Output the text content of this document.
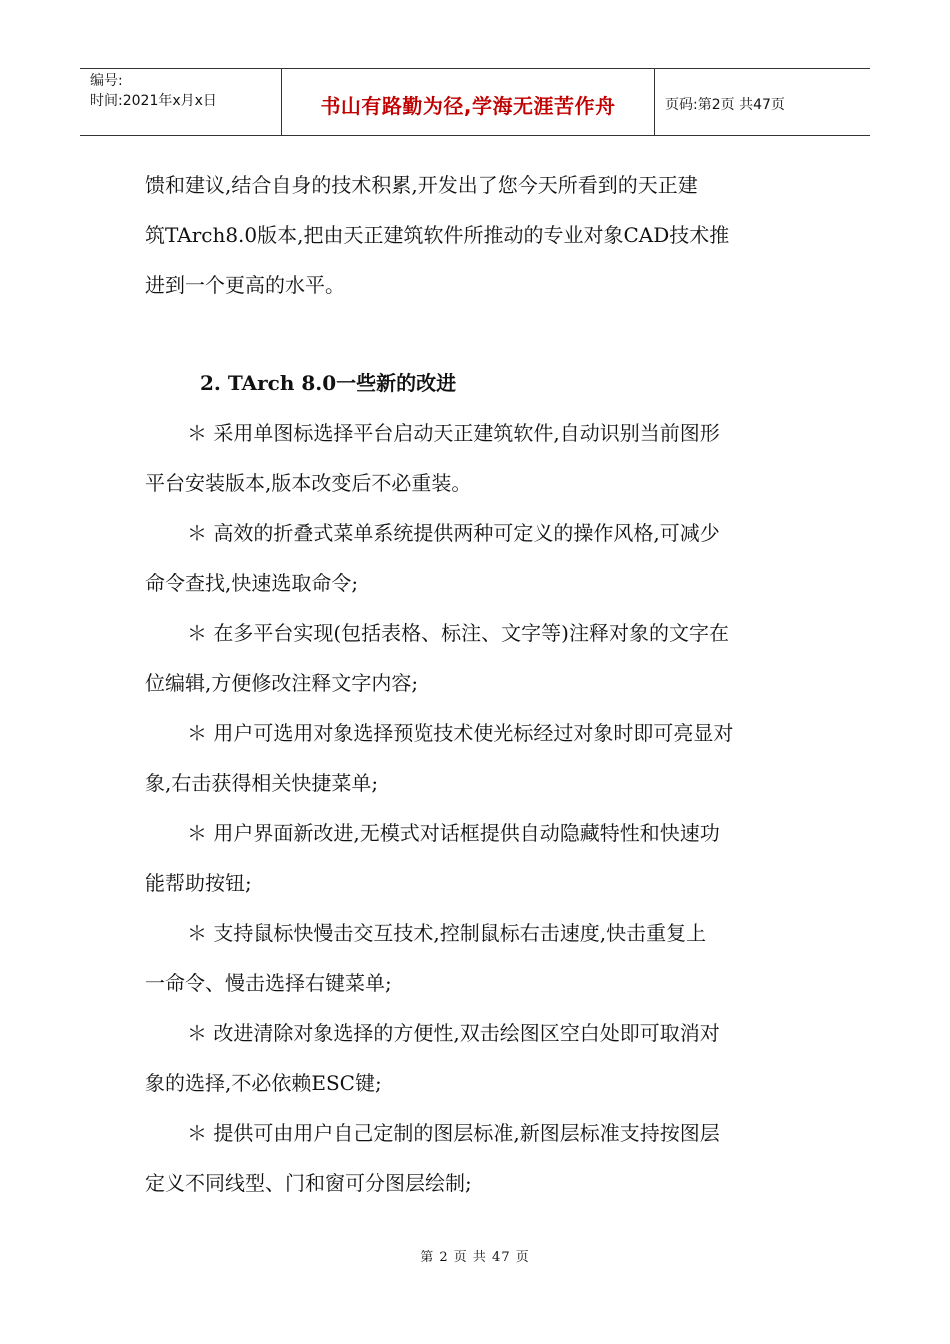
编号:
时间:2021年x月x日	书山有路勤为径,学海无涯苦作舟	页码:第2页 共47页
馈和建议,结合自身的技术积累,开发出了您今天所看到的天正建
筑TArch8.0版本,把由天正建筑软件所推动的专业对象CAD技术推
进到一个更高的水平。
2. TArch 8.0一些新的改进
＊ 采用单图标选择平台启动天正建筑软件,自动识别当前图形
平台安装版本,版本改变后不必重装。
＊ 高效的折叠式菜单系统提供两种可定义的操作风格,可减少
命令查找,快速选取命令;
＊ 在多平台实现(包括表格、标注、文字等)注释对象的文字在
位编辑,方便修改注释文字内容;
＊ 用户可选用对象选择预览技术使光标经过对象时即可亮显对
象,右击获得相关快捷菜单;
＊ 用户界面新改进,无模式对话框提供自动隐藏特性和快速功
能帮助按钮;
＊ 支持鼠标快慢击交互技术,控制鼠标右击速度,快击重复上
一命令、慢击选择右键菜单;
＊ 改进清除对象选择的方便性,双击绘图区空白处即可取消对
象的选择,不必依赖ESC键;
＊ 提供可由用户自己定制的图层标准,新图层标准支持按图层
定义不同线型、门和窗可分图层绘制;
第 2 页 共 47 页
